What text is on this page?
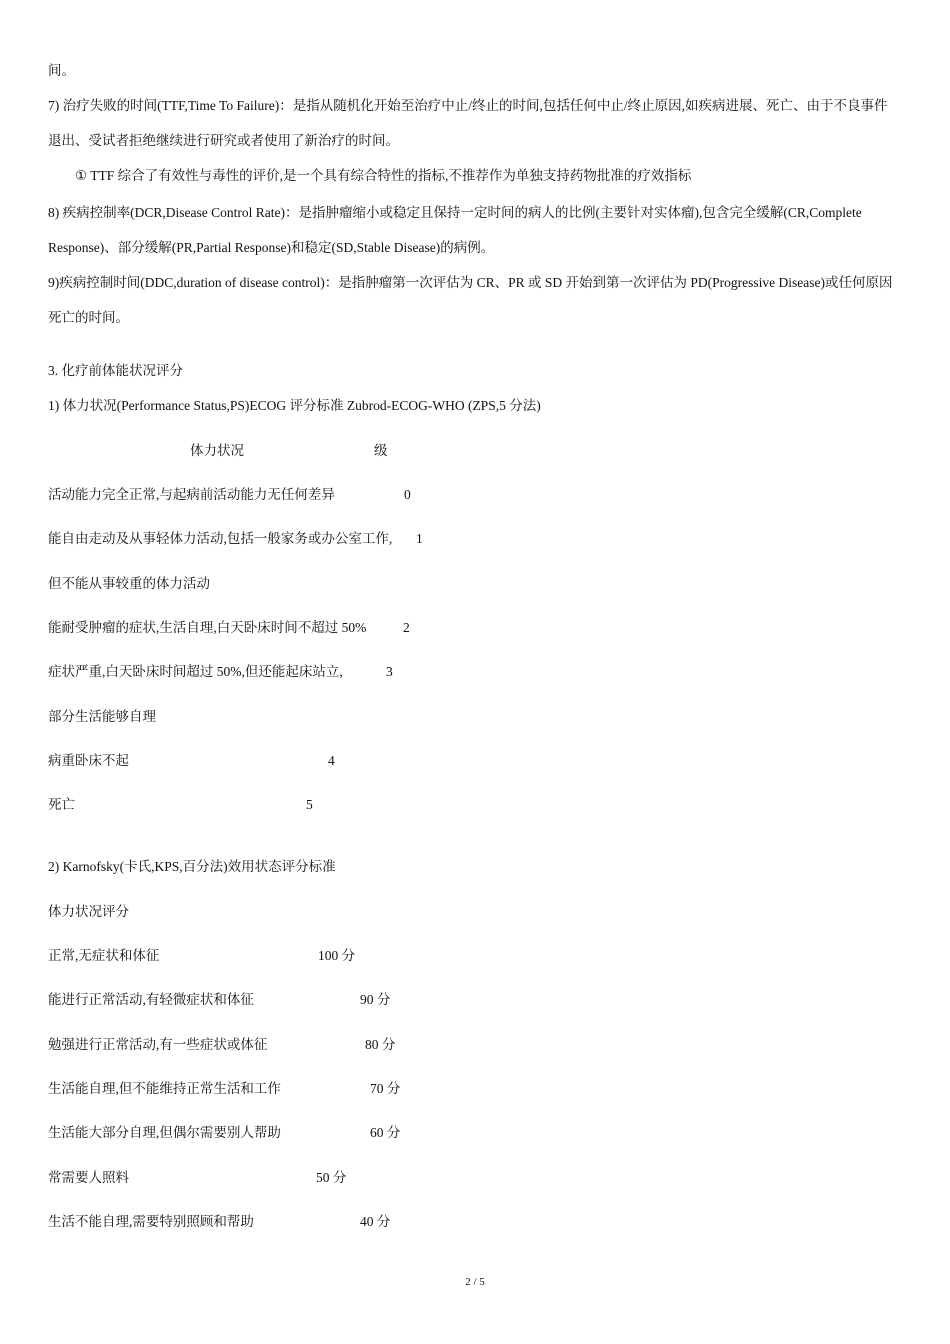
间。
7) 治疗失败的时间(TTF,Time To Failure)：是指从随机化开始至治疗中止/终止的时间,包括任何中止/终止原因,如疾病进展、死亡、由于不良事件
退出、受试者拒绝继续进行研究或者使用了新治疗的时间。
① TTF 综合了有效性与毒性的评价,是一个具有综合特性的指标,不推荐作为单独支持药物批准的疗效指标
8) 疾病控制率(DCR,Disease Control Rate)：是指肿瘤缩小或稳定且保持一定时间的病人的比例(主要针对实体瘤),包含完全缓解(CR,Complete
Response)、部分缓解(PR,Partial Response)和稳定(SD,Stable Disease)的病例。
9)疾病控制时间(DDC,duration of disease control)：是指肿瘤第一次评估为 CR、PR 或 SD 开始到第一次评估为 PD(Progressive Disease)或任何原因
死亡的时间。
3. 化疗前体能状况评分
1) 体力状况(Performance Status,PS)ECOG 评分标准 Zubrod-ECOG-WHO (ZPS,5 分法)
体力状况	级
活动能力完全正常,与起病前活动能力无任何差异	0
能自由走动及从事轻体力活动,包括一般家务或办公室工作, 1
但不能从事较重的体力活动
能耐受肿瘤的症状,生活自理,白天卧床时间不超过 50%	2
症状严重,白天卧床时间超过 50%,但还能起床站立,	3
部分生活能够自理
病重卧床不起	4
死亡	5
2) Karnofsky(卡氏,KPS,百分法)效用状态评分标准
体力状况评分
正常,无症状和体征	100 分
能进行正常活动,有轻微症状和体征	90 分
勉强进行正常活动,有一些症状或体征	80 分
生活能自理,但不能维持正常生活和工作	70 分
生活能大部分自理,但偶尔需要别人帮助	60 分
常需要人照料	50 分
生活不能自理,需要特别照顾和帮助	40 分
2 / 5
